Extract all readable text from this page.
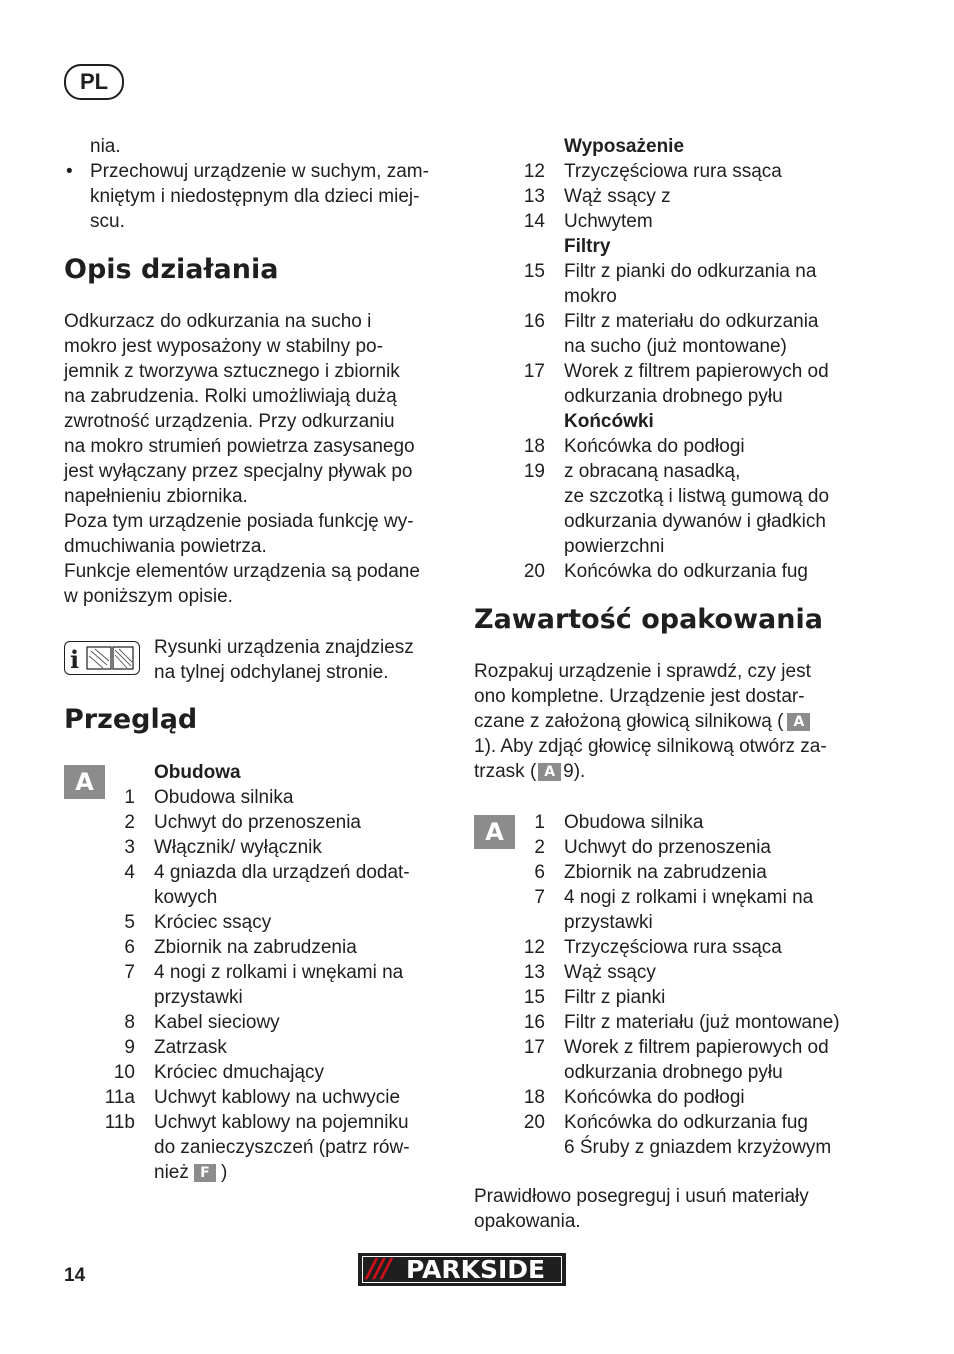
PL
nia.
• Przechowuj urządzenie w suchym, zam-
kniętym i niedostępnym dla dzieci miej-
scu.
Opis działania
Odkurzacz do odkurzania na sucho i
mokro jest wyposażony w stabilny po-
jemnik z tworzywa sztucznego i zbiornik
na zabrudzenia. Rolki umożliwiają dużą
zwrotność urządzenia. Przy odkurzaniu
na mokro strumień powietrza zasysanego
jest wyłączany przez specjalny pływak po
napełnieniu zbiornika.
Poza tym urządzenie posiada funkcję wy-
dmuchiwania powietrza.
Funkcje elementów urządzenia są podane
w poniższym opisie.
i	Rysunki urządzenia znajdziesz
na tylnej odchylanej stronie.
Przegląd
A	Obudowa
1 Obudowa silnika
2 Uchwyt do przenoszenia
3 Włącznik/ wyłącznik
4 4 gniazda dla urządzeń dodat-
kowych
5 Króciec ssący
6 Zbiornik na zabrudzenia
7 4 nogi z rolkami i wnękami na
przystawki
8 Kabel sieciowy
9 Zatrzask
10 Króciec dmuchający
11a Uchwyt kablowy na uchwycie
11b Uchwyt kablowy na pojemniku
do zanieczyszczeń (patrz rów-
nież F )
Wyposażenie
12 Trzyczęściowa rura ssąca
13 Wąż ssący z
14 Uchwytem
Filtry
15 Filtr z pianki do odkurzania na
mokro
16 Filtr z materiału do odkurzania
na sucho (już montowane)
17 Worek z filtrem papierowych od
odkurzania drobnego pyłu
Końcówki
18 Końcówka do podłogi
19 z obracaną nasadką,
ze szczotką i listwą gumową do
odkurzania dywanów i gładkich
powierzchni
20 Końcówka do odkurzania fug
Zawartość opakowania
Rozpakuj urządzenie i sprawdź, czy jest
ono kompletne. Urządzenie jest dostar-
czane z założoną głowicą silnikową ( A
1). Aby zdjąć głowicę silnikową otwórz za-
trzask ( A 9).
A	1 Obudowa silnika
2 Uchwyt do przenoszenia
6 Zbiornik na zabrudzenia
7 4 nogi z rolkami i wnękami na
przystawki
12 Trzyczęściowa rura ssąca
13 Wąż ssący
15 Filtr z pianki
16 Filtr z materiału (już montowane)
17 Worek z filtrem papierowych od
odkurzania drobnego pyłu
18 Końcówka do podłogi
20 Końcówka do odkurzania fug
6 Śruby z gniazdem krzyżowym
Prawidłowo posegreguj i usuń materiały
opakowania.
14	/// PARKSIDE
